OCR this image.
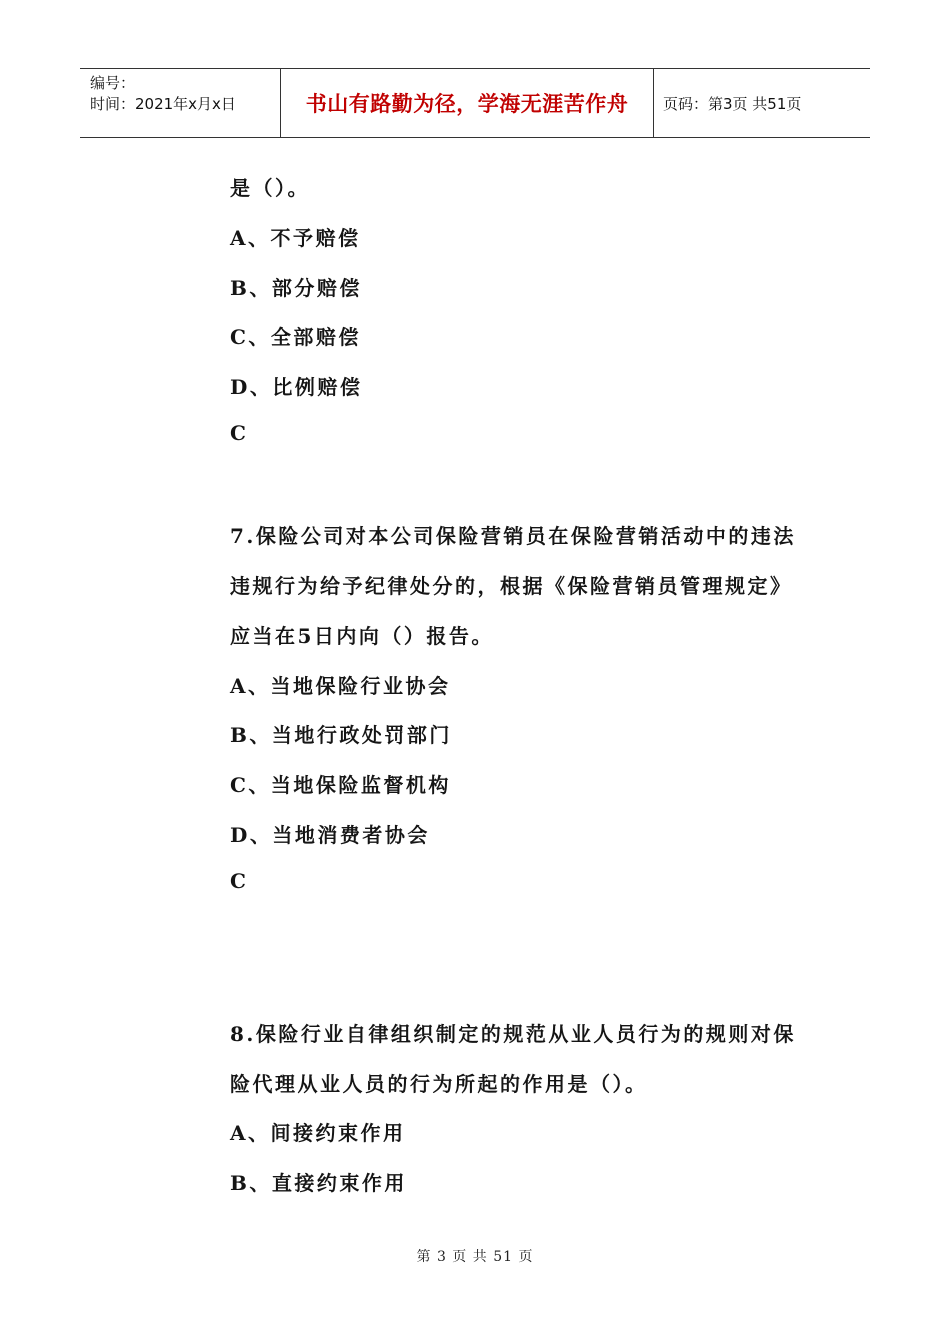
编号：
时间：2021年x月x日	书山有路勤为径，学海无涯苦作舟	页码：第3页 共51页
是（）。
A、不予赔偿
B、部分赔偿
C、全部赔偿
D、比例赔偿
C
7.保险公司对本公司保险营销员在保险营销活动中的违法
违规行为给予纪律处分的，根据《保险营销员管理规定》
应当在5日内向（）报告。
A、当地保险行业协会
B、当地行政处罚部门
C、当地保险监督机构
D、当地消费者协会
C
8.保险行业自律组织制定的规范从业人员行为的规则对保
险代理从业人员的行为所起的作用是（）。
A、间接约束作用
B、直接约束作用
第 3 页 共 51 页
